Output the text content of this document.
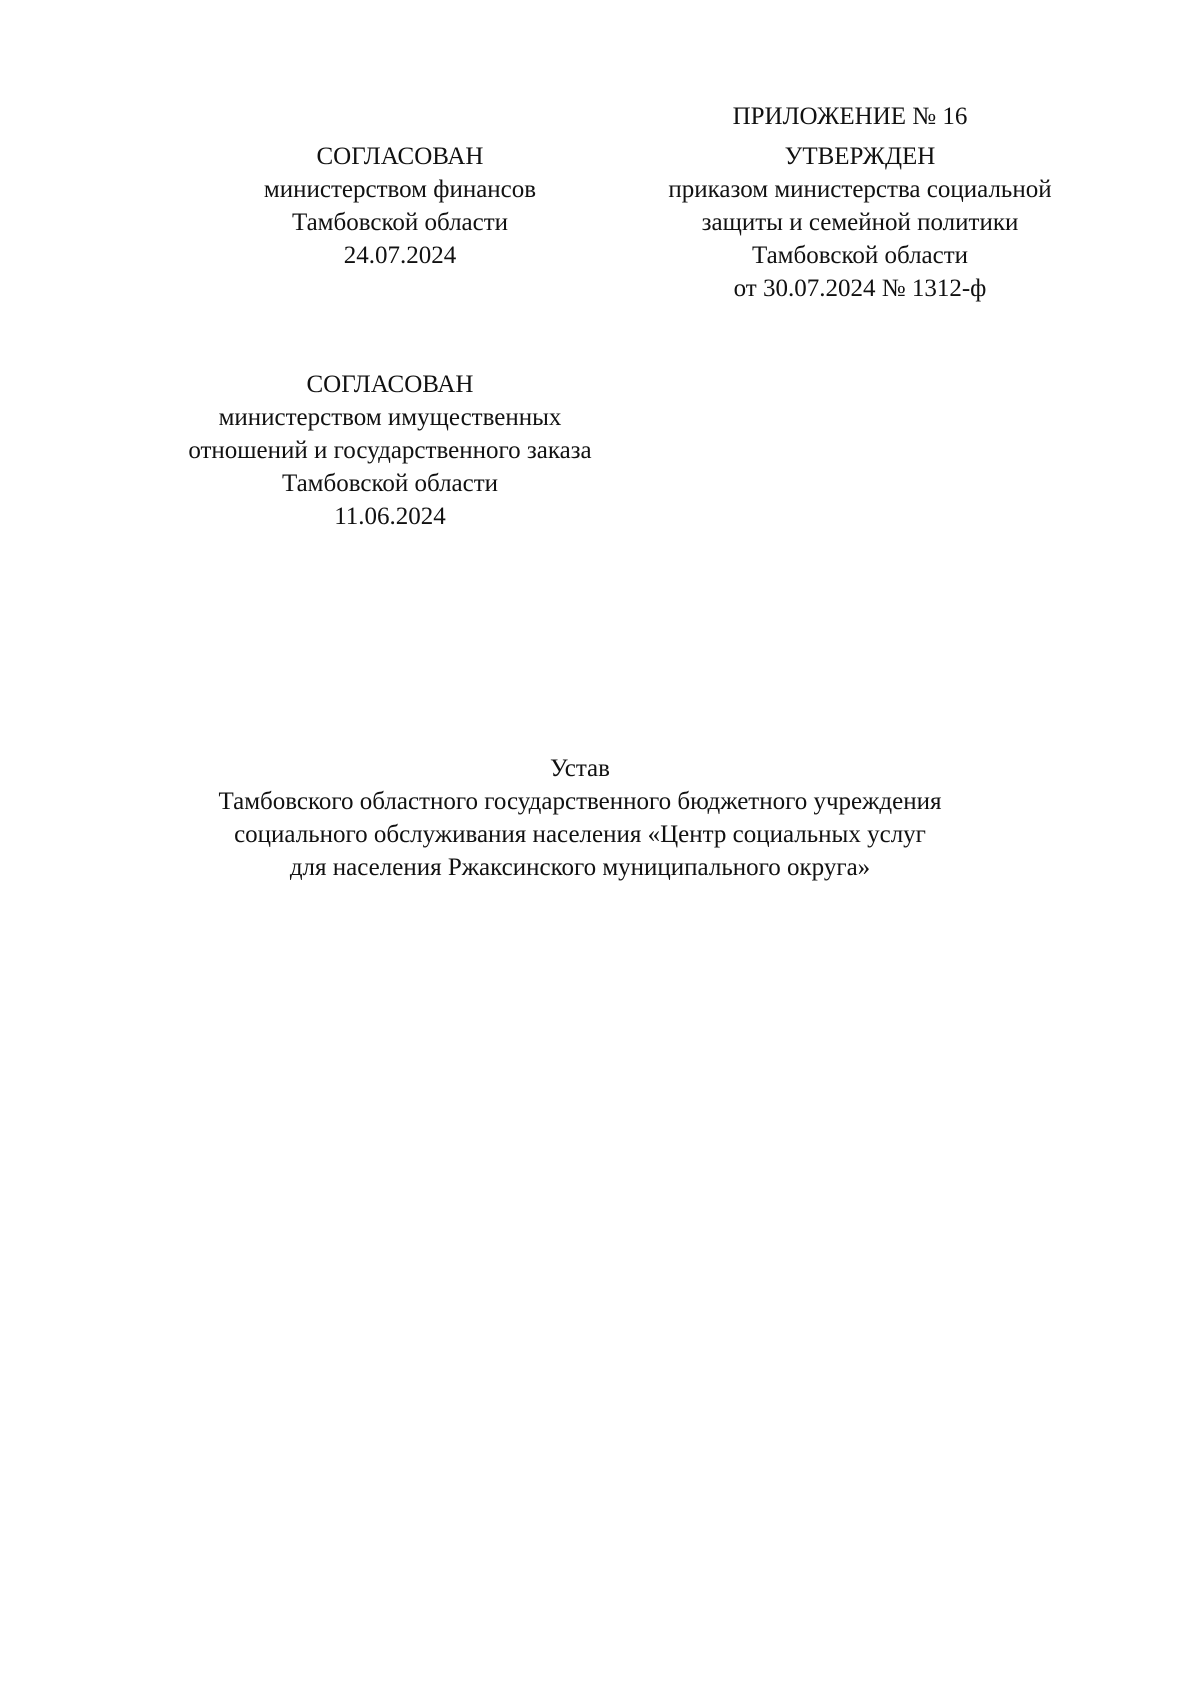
ПРИЛОЖЕНИЕ № 16
УТВЕРЖДЕН
приказом министерства социальной
защиты и семейной политики
Тамбовской области
от 30.07.2024 № 1312-ф
СОГЛАСОВАН
министерством финансов
Тамбовской области
24.07.2024
СОГЛАСОВАН
министерством имущественных
отношений и государственного заказа
Тамбовской области
11.06.2024
Устав
Тамбовского областного государственного бюджетного учреждения
социального обслуживания населения «Центр социальных услуг
для населения Ржаксинского муниципального округа»
